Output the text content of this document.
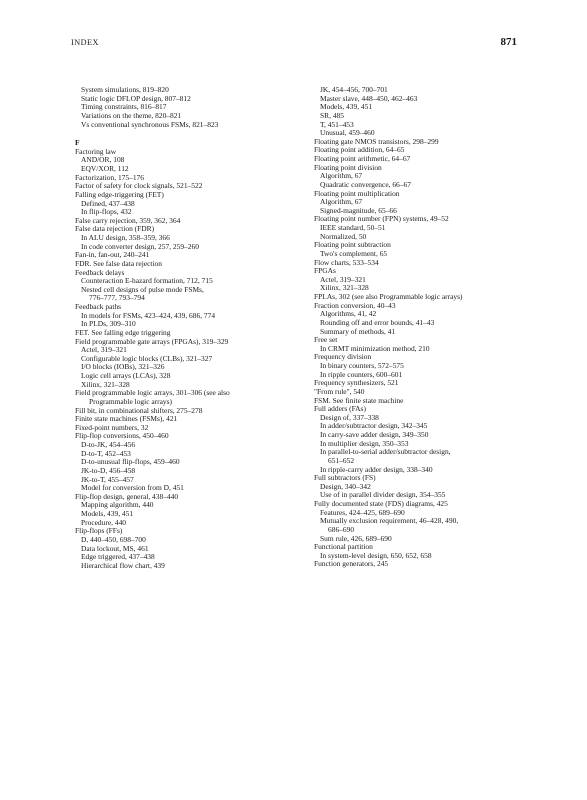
INDEX	871
System simulations, 819–820
Static logic DFLOP design, 807–812
Timing constraints, 816–817
Variations on the theme, 820–821
Vs conventional synchronous FSMs, 821–823
F
Factoring law
AND/OR, 108
EQV/XOR, 112
Factorization, 175–176
Factor of safety for clock signals, 521–522
Falling edge-triggering (FET)
Defined, 437–438
In flip-flops, 432
False carry rejection, 359, 362, 364
False data rejection (FDR)
In ALU design, 358–359, 366
In code converter design, 257, 259–260
Fan-in, fan-out, 240–241
FDR. See false data rejection
Feedback delays
Counteraction E-hazard formation, 712, 715
Nested cell designs of pulse mode FSMs,
776–777, 793–794
Feedback paths
In models for FSMs, 423–424, 439, 686, 774
In PLDs, 309–310
FET. See falling edge triggering
Field programmable gate arrays (FPGAs), 319–329
Actel, 319–321
Configurable logic blocks (CLBs), 321–327
I/O blocks (IOBs), 321–326
Logic cell arrays (LCAs), 328
Xilinx, 321–328
Field programmable logic arrays, 301–306 (see also
Programmable logic arrays)
Fill bit, in combinational shifters, 275–278
Finite state machines (FSMs), 421
Fixed-point numbers, 32
Flip-flop conversions, 450–460
D-to-JK, 454–456
D-to-T, 452–453
D-to-unusual flip-flops, 459–460
JK-to-D, 456–458
JK-to-T, 455–457
Model for conversion from D, 451
Flip-flop design, general, 438–440
Mapping algorithm, 440
Models, 439, 451
Procedure, 440
Flip-flops (FFs)
D, 440–450, 698–700
Data lockout, MS, 461
Edge triggered, 437–438
Hierarchical flow chart, 439
JK, 454–456, 700–701
Master slave, 448–450, 462–463
Models, 439, 451
SR, 485
T, 451–453
Unusual, 459–460
Floating gate NMOS transistors, 298–299
Floating point addition, 64–65
Floating point arithmetic, 64–67
Floating point division
Algorithm, 67
Quadratic convergence, 66–67
Floating point multiplication
Algorithm, 67
Signed-magnitude, 65–66
Floating point number (FPN) systems, 49–52
IEEE standard, 50–51
Normalized, 50
Floating point subtraction
Two's complement, 65
Flow charts, 533–534
FPGAs
Actel, 319–321
Xilinx, 321–328
FPLAs, 302 (see also Programmable logic arrays)
Fraction conversion, 40–43
Algorithms, 41, 42
Rounding off and error bounds, 41–43
Summary of methods, 41
Free set
In CRMT minimization method, 210
Frequency division
In binary counters, 572–575
In ripple counters, 600–601
Frequency synthesizers, 521
"From rule", 540
FSM. See finite state machine
Full adders (FAs)
Design of, 337–338
In adder/subtractor design, 342–345
In carry-save adder design, 349–350
In multiplier design, 350–353
In parallel-to-serial adder/subtractor design,
651–652
In ripple-carry adder design, 338–340
Full subtractors (FS)
Design, 340–342
Use of in parallel divider design, 354–355
Fully documented state (FDS) diagrams, 425
Features, 424–425, 689–690
Mutually exclusion requirement, 46–428, 490,
686–690
Sum rule, 426, 689–690
Functional partition
In system-level design, 650, 652, 658
Function generators, 245
